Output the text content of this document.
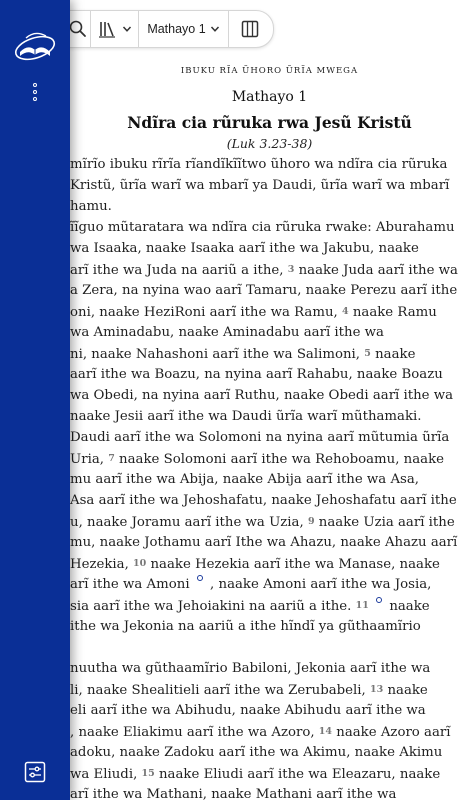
IBUKU RĨA ŨHORO ŨRĨA MWEGA
Mathayo 1
Ndĩra cia rũruka rwa Jesũ Kristũ
(Luk 3.23-38)
mĩrĩo ibuku rĩrĩa rĩandĩkĩĩtwo ũhoro wa ndĩra cia rũruka
Kristũ, ũrĩa warĩ wa mbarĩ ya Daudi, ũrĩa warĩ wa mbarĩ
hamu.
ĩĩguo mũtaratara wa ndĩra cia rũruka rwake: Aburahamu
wa Isaaka, naake Isaaka aarĩ ithe wa Jakubu, naake
arĩ ithe wa Juda na aariũ a ithe, 3 naake Juda aarĩ ithe wa
a Zera, na nyina wao aarĩ Tamaru, naake Perezu aarĩ ithe
oni, naake HeziRoni aarĩ ithe wa Ramu, 4 naake Ramu
wa Aminadabu, naake Aminadabu aarĩ ithe wa
ni, naake Nahashoni aarĩ ithe wa Salimoni, 5 naake
aarĩ ithe wa Boazu, na nyina aarĩ Rahabu, naake Boazu
wa Obedi, na nyina aarĩ Ruthu, naake Obedi aarĩ ithe wa
naake Jesii aarĩ ithe wa Daudi ũrĩa warĩ mũthamaki.
Daudi aarĩ ithe wa Solomoni na nyina aarĩ mũtumia ũrĩa
Uria, 7 naake Solomoni aarĩ ithe wa Rehoboamu, naake
mu aarĩ ithe wa Abija, naake Abija aarĩ ithe wa Asa,
Asa aarĩ ithe wa Jehoshafatu, naake Jehoshafatu aarĩ ithe
u, naake Joramu aarĩ ithe wa Uzia, 9 naake Uzia aarĩ ithe
mu, naake Jothamu aarĩ Ithe wa Ahazu, naake Ahazu aarĩ
Hezekia, 10 naake Hezekia aarĩ ithe wa Manase, naake
arĩ ithe wa Amoni  , naake Amoni aarĩ ithe wa Josia,
sia aarĩ ithe wa Jehoiakini na aariũ a ithe. 11  naake
ithe wa Jekonia na aariũ a ithe hĩndĩ ya gũthaamĩrio
nuutha wa gũthaamĩrio Babiloni, Jekonia aarĩ ithe wa
li, naake Shealitieli aarĩ ithe wa Zerubabeli, 13 naake
eli aarĩ ithe wa Abihudu, naake Abihudu aarĩ ithe wa
, naake Eliakimu aarĩ ithe wa Azoro, 14 naake Azoro aarĩ
adoku, naake Zadoku aarĩ ithe wa Akimu, naake Akimu
wa Eliudi, 15 naake Eliudi aarĩ ithe wa Eleazaru, naake
arĩ ithe wa Mathani, naake Mathani aarĩ ithe wa
Mathayo 1
